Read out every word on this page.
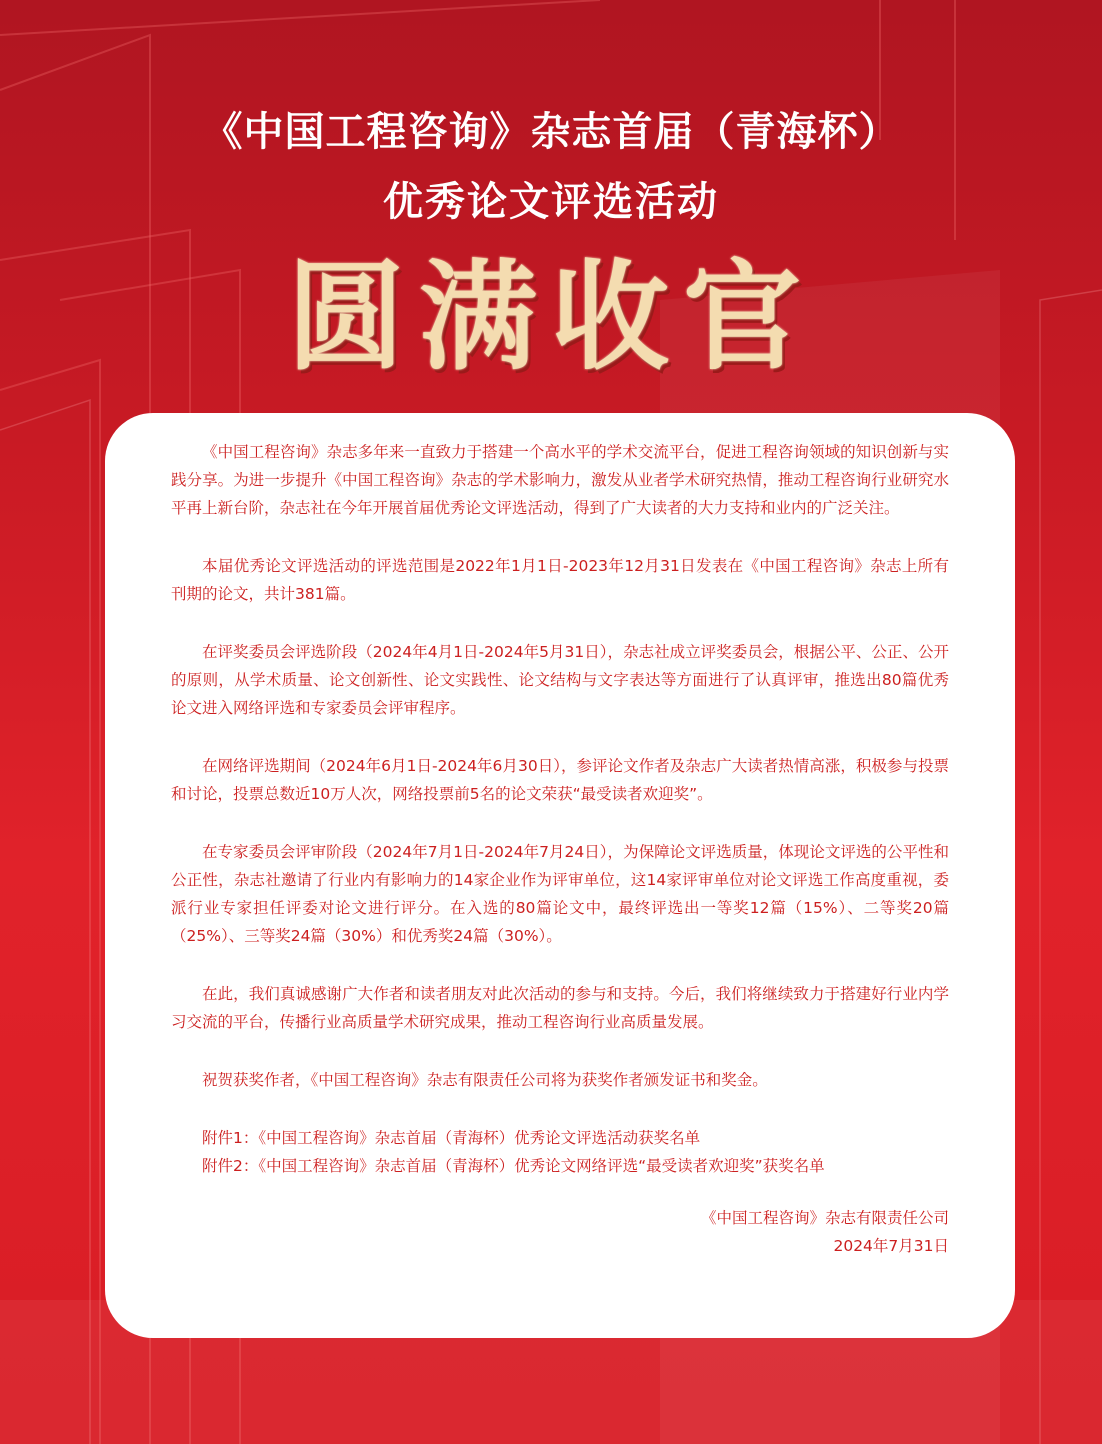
《中国工程咨询》杂志首届（青海杯）
优秀论文评选活动
圆满收官

《中国工程咨询》杂志多年来一直致力于搭建一个高水平的学术交流平台，促进工程咨询领域的知识创新与实践分享。为进一步提升《中国工程咨询》杂志的学术影响力，激发从业者学术研究热情，推动工程咨询行业研究水平再上新台阶，杂志社在今年开展首届优秀论文评选活动，得到了广大读者的大力支持和业内的广泛关注。

本届优秀论文评选活动的评选范围是2022年1月1日-2023年12月31日发表在《中国工程咨询》杂志上所有刊期的论文，共计381篇。

在评奖委员会评选阶段（2024年4月1日-2024年5月31日），杂志社成立评奖委员会，根据公平、公正、公开的原则，从学术质量、论文创新性、论文实践性、论文结构与文字表达等方面进行了认真评审，推选出80篇优秀论文进入网络评选和专家委员会评审程序。

在网络评选期间（2024年6月1日-2024年6月30日），参评论文作者及杂志广大读者热情高涨，积极参与投票和讨论，投票总数近10万人次，网络投票前5名的论文荣获“最受读者欢迎奖”。

在专家委员会评审阶段（2024年7月1日-2024年7月24日），为保障论文评选质量，体现论文评选的公平性和公正性，杂志社邀请了行业内有影响力的14家企业作为评审单位，这14家评审单位对论文评选工作高度重视，委派行业专家担任评委对论文进行评分。在入选的80篇论文中，最终评选出一等奖12篇（15%）、二等奖20篇（25%）、三等奖24篇（30%）和优秀奖24篇（30%）。

在此，我们真诚感谢广大作者和读者朋友对此次活动的参与和支持。今后，我们将继续致力于搭建好行业内学习交流的平台，传播行业高质量学术研究成果，推动工程咨询行业高质量发展。

祝贺获奖作者，《中国工程咨询》杂志有限责任公司将为获奖作者颁发证书和奖金。

附件1：《中国工程咨询》杂志首届（青海杯）优秀论文评选活动获奖名单

附件2：《中国工程咨询》杂志首届（青海杯）优秀论文网络评选“最受读者欢迎奖”获奖名单

《中国工程咨询》杂志有限责任公司

2024年7月31日
